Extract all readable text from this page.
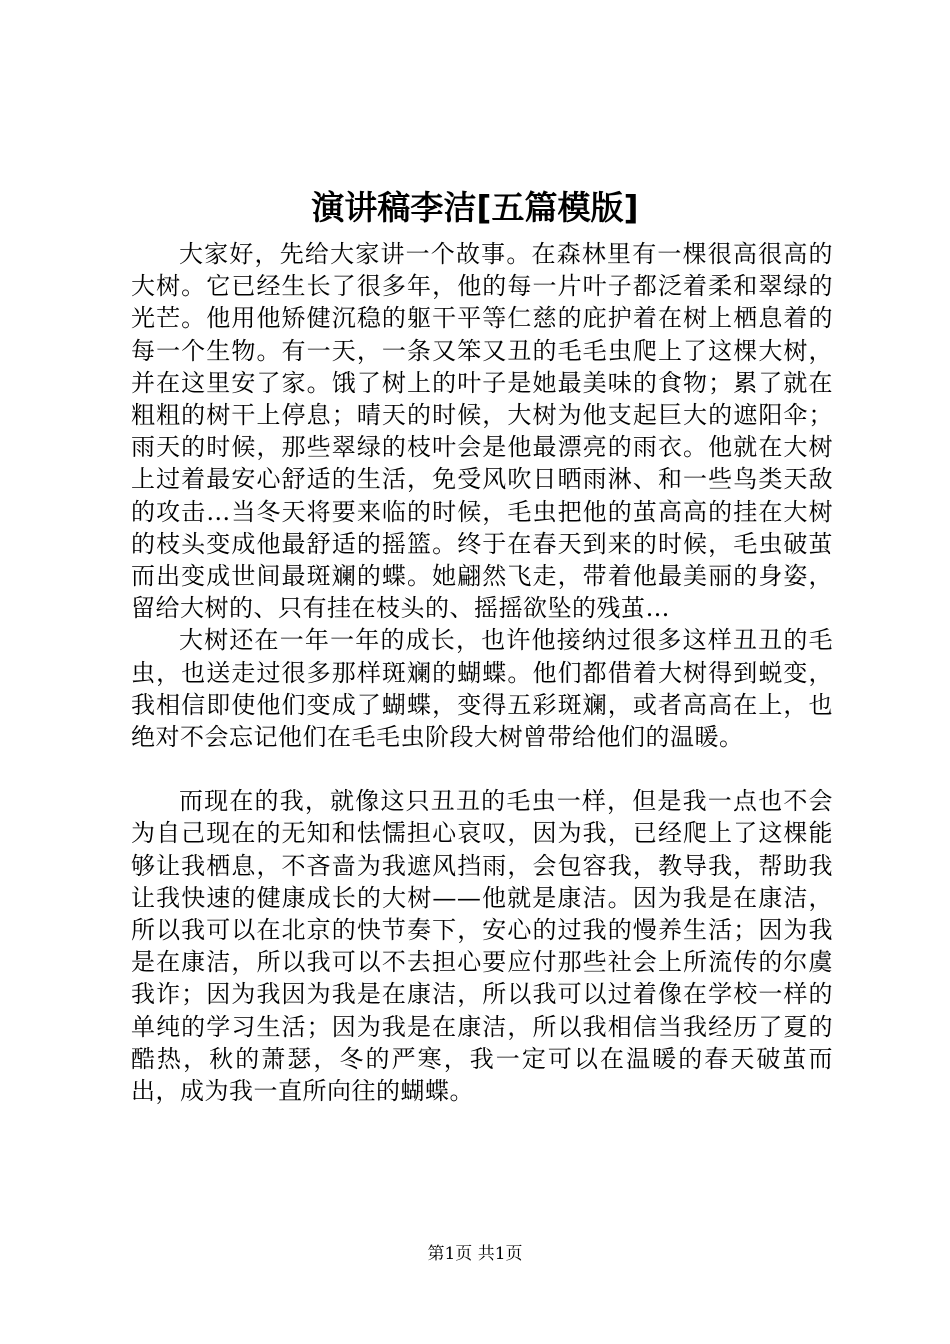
演讲稿李洁[五篇模版]

大家好，先给大家讲一个故事。在森林里有一棵很高很高的大树。它已经生长了很多年，他的每一片叶子都泛着柔和翠绿的光芒。他用他矫健沉稳的躯干平等仁慈的庇护着在树上栖息着的每一个生物。有一天，一条又笨又丑的毛毛虫爬上了这棵大树，并在这里安了家。饿了树上的叶子是她最美味的食物；累了就在粗粗的树干上停息；晴天的时候，大树为他支起巨大的遮阳伞；雨天的时候，那些翠绿的枝叶会是他最漂亮的雨衣。他就在大树上过着最安心舒适的生活，免受风吹日晒雨淋、和一些鸟类天敌的攻击…当冬天将要来临的时候，毛虫把他的茧高高的挂在大树的枝头变成他最舒适的摇篮。终于在春天到来的时候，毛虫破茧而出变成世间最斑斓的蝶。她翩然飞走，带着他最美丽的身姿，留给大树的、只有挂在枝头的、摇摇欲坠的残茧…

大树还在一年一年的成长，也许他接纳过很多这样丑丑的毛虫，也送走过很多那样斑斓的蝴蝶。他们都借着大树得到蜕变，我相信即使他们变成了蝴蝶，变得五彩斑斓，或者高高在上，也绝对不会忘记他们在毛毛虫阶段大树曾带给他们的温暖。

而现在的我，就像这只丑丑的毛虫一样，但是我一点也不会为自己现在的无知和怯懦担心哀叹，因为我，已经爬上了这棵能够让我栖息，不吝啬为我遮风挡雨，会包容我，教导我，帮助我让我快速的健康成长的大树——他就是康洁。因为我是在康洁，所以我可以在北京的快节奏下，安心的过我的慢养生活；因为我是在康洁，所以我可以不去担心要应付那些社会上所流传的尔虞我诈；因为我因为我是在康洁，所以我可以过着像在学校一样的单纯的学习生活；因为我是在康洁，所以我相信当我经历了夏的酷热，秋的萧瑟，冬的严寒，我一定可以在温暖的春天破茧而出，成为我一直所向往的蝴蝶。

第1页 共1页
